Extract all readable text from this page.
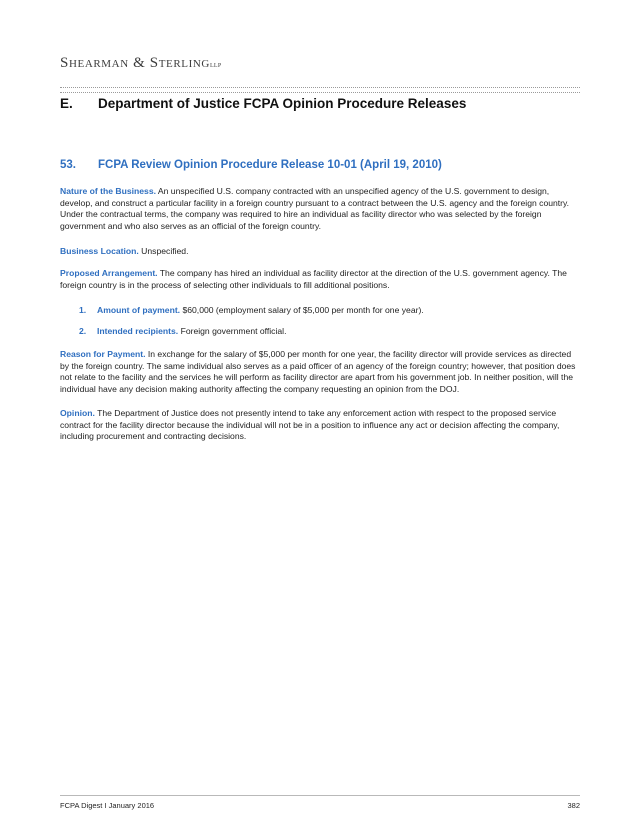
SHEARMAN & STERLINGLLP
E. Department of Justice FCPA Opinion Procedure Releases
53. FCPA Review Opinion Procedure Release 10-01 (April 19, 2010)
Nature of the Business. An unspecified U.S. company contracted with an unspecified agency of the U.S. government to design, develop, and construct a particular facility in a foreign country pursuant to a contract between the U.S. agency and the foreign country. Under the contractual terms, the company was required to hire an individual as facility director who was selected by the foreign government and who also serves as an official of the foreign country.
Business Location. Unspecified.
Proposed Arrangement. The company has hired an individual as facility director at the direction of the U.S. government agency. The foreign country is in the process of selecting other individuals to fill additional positions.
1. Amount of payment. $60,000 (employment salary of $5,000 per month for one year).
2. Intended recipients. Foreign government official.
Reason for Payment. In exchange for the salary of $5,000 per month for one year, the facility director will provide services as directed by the foreign country. The same individual also serves as a paid officer of an agency of the foreign country; however, that position does not relate to the facility and the services he will perform as facility director are apart from his government job. In neither position, will the individual have any decision making authority affecting the company requesting an opinion from the DOJ.
Opinion. The Department of Justice does not presently intend to take any enforcement action with respect to the proposed service contract for the facility director because the individual will not be in a position to influence any act or decision affecting the company, including procurement and contracting decisions.
FCPA Digest I January 2016	382
